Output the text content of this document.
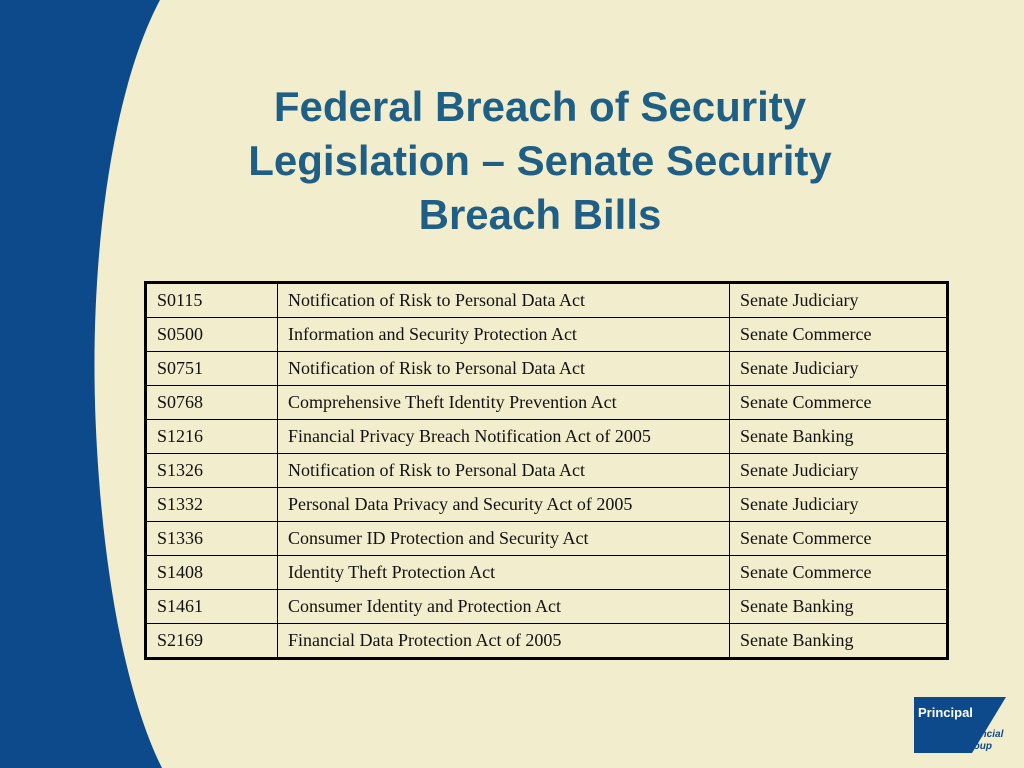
Federal Breach of Security
Legislation – Senate Security
Breach Bills
S0115	Notification of Risk to Personal Data Act	Senate Judiciary
S0500	Information and Security Protection Act	Senate Commerce
S0751	Notification of Risk to Personal Data Act	Senate Judiciary
S0768	Comprehensive Theft Identity Prevention Act	Senate Commerce
S1216	Financial Privacy Breach Notification Act of 2005	Senate Banking
S1326	Notification of Risk to Personal Data Act	Senate Judiciary
S1332	Personal Data Privacy and Security Act of 2005	Senate Judiciary
S1336	Consumer ID Protection and Security Act	Senate Commerce
S1408	Identity Theft Protection Act	Senate Commerce
S1461	Consumer Identity and Protection Act	Senate Banking
S2169	Financial Data Protection Act of 2005	Senate Banking
Principal
Financial
Group
